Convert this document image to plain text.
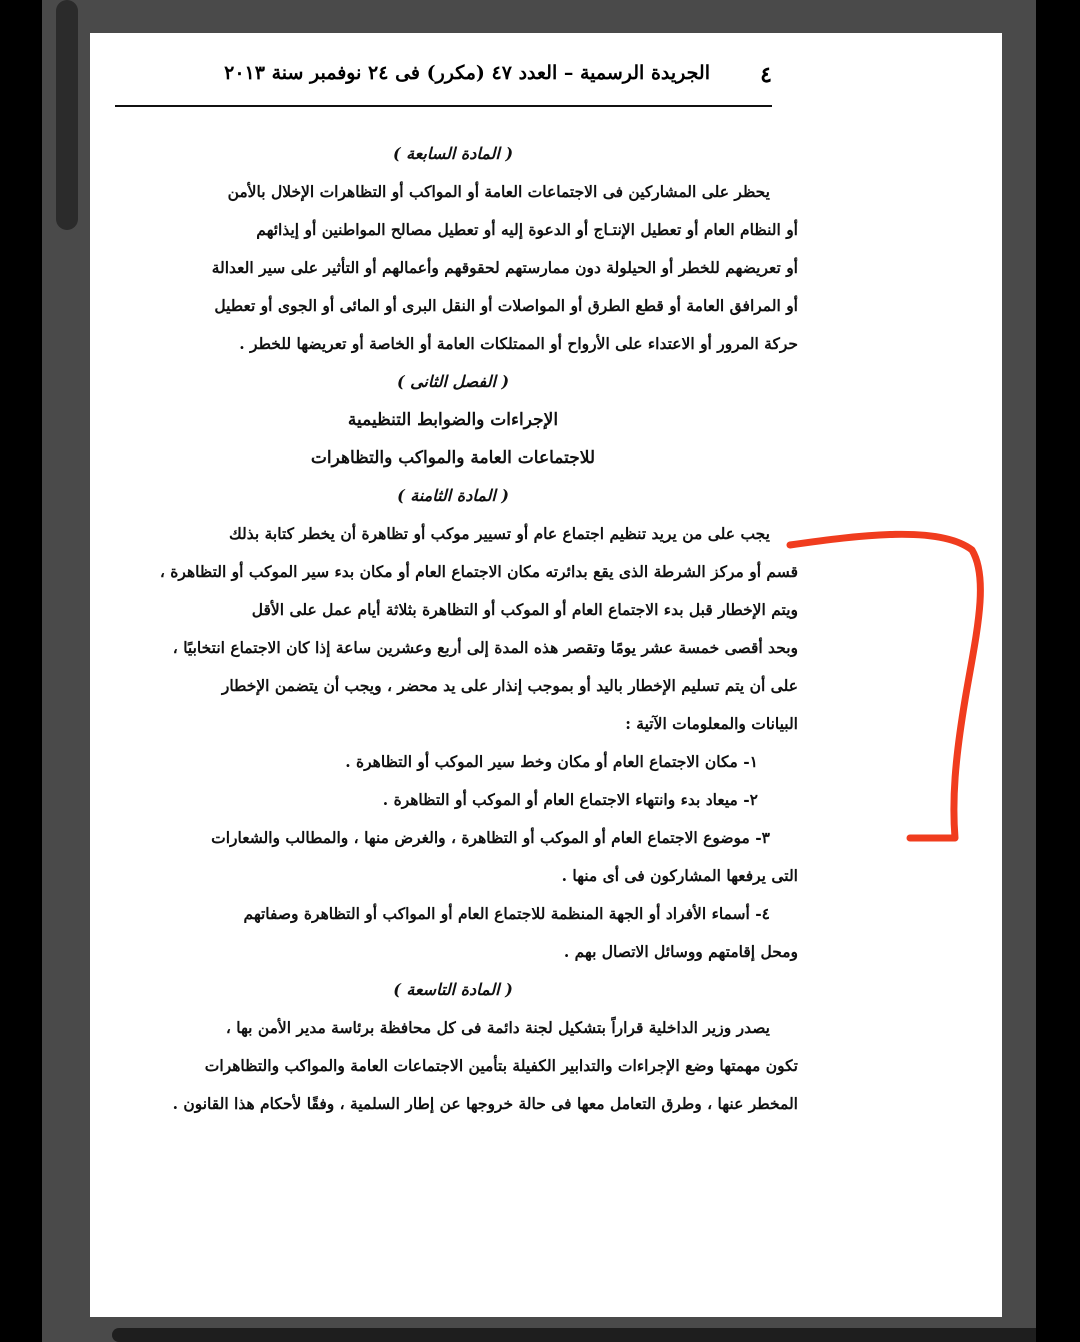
٤
الجريدة الرسمية – العدد ٤٧ (مكرر) فى ٢٤ نوفمبر سنة ٢٠١٣
( المادة السابعة )
يحظر على المشاركين فى الاجتماعات العامة أو المواكب أو التظاهرات الإخلال بالأمن
أو النظام العام أو تعطيل الإنتـاج أو الدعوة إليه أو تعطيل مصالح المواطنين أو إيذائهم
أو تعريضهم للخطر أو الحيلولة دون ممارستهم لحقوقهم وأعمالهم أو التأثير على سير العدالة
أو المرافق العامة أو قطع الطرق أو المواصلات أو النقل البرى أو المائى أو الجوى أو تعطيل
حركة المرور أو الاعتداء على الأرواح أو الممتلكات العامة أو الخاصة أو تعريضها للخطر .
( الفصل الثانى )
الإجراءات والضوابط التنظيمية
للاجتماعات العامة والمواكب والتظاهرات
( المادة الثامنة )
يجب على من يريد تنظيم اجتماع عام أو تسيير موكب أو تظاهرة أن يخطر كتابة بذلك
قسم أو مركز الشرطة الذى يقع بدائرته مكان الاجتماع العام أو مكان بدء سير الموكب أو التظاهرة ،
ويتم الإخطار قبل بدء الاجتماع العام أو الموكب أو التظاهرة بثلاثة أيام عمل على الأقل
وبحد أقصى خمسة عشر يومًا وتقصر هذه المدة إلى أربع وعشرين ساعة إذا كان الاجتماع انتخابيًا ،
على أن يتم تسليم الإخطار باليد أو بموجب إنذار على يد محضر ، ويجب أن يتضمن الإخطار
البيانات والمعلومات الآتية :
١- مكان الاجتماع العام أو مكان وخط سير الموكب أو التظاهرة .
٢- ميعاد بدء وانتهاء الاجتماع العام أو الموكب أو التظاهرة .
٣- موضوع الاجتماع العام أو الموكب أو التظاهرة ، والغرض منها ، والمطالب والشعارات
التى يرفعها المشاركون فى أى منها .
٤- أسماء الأفراد أو الجهة المنظمة للاجتماع العام أو المواكب أو التظاهرة وصفاتهم
ومحل إقامتهم ووسائل الاتصال بهم .
( المادة التاسعة )
يصدر وزير الداخلية قراراً بتشكيل لجنة دائمة فى كل محافظة برئاسة مدير الأمن بها ،
تكون مهمتها وضع الإجراءات والتدابير الكفيلة بتأمين الاجتماعات العامة والمواكب والتظاهرات
المخطر عنها ، وطرق التعامل معها فى حالة خروجها عن إطار السلمية ، وفقًا لأحكام هذا القانون .
